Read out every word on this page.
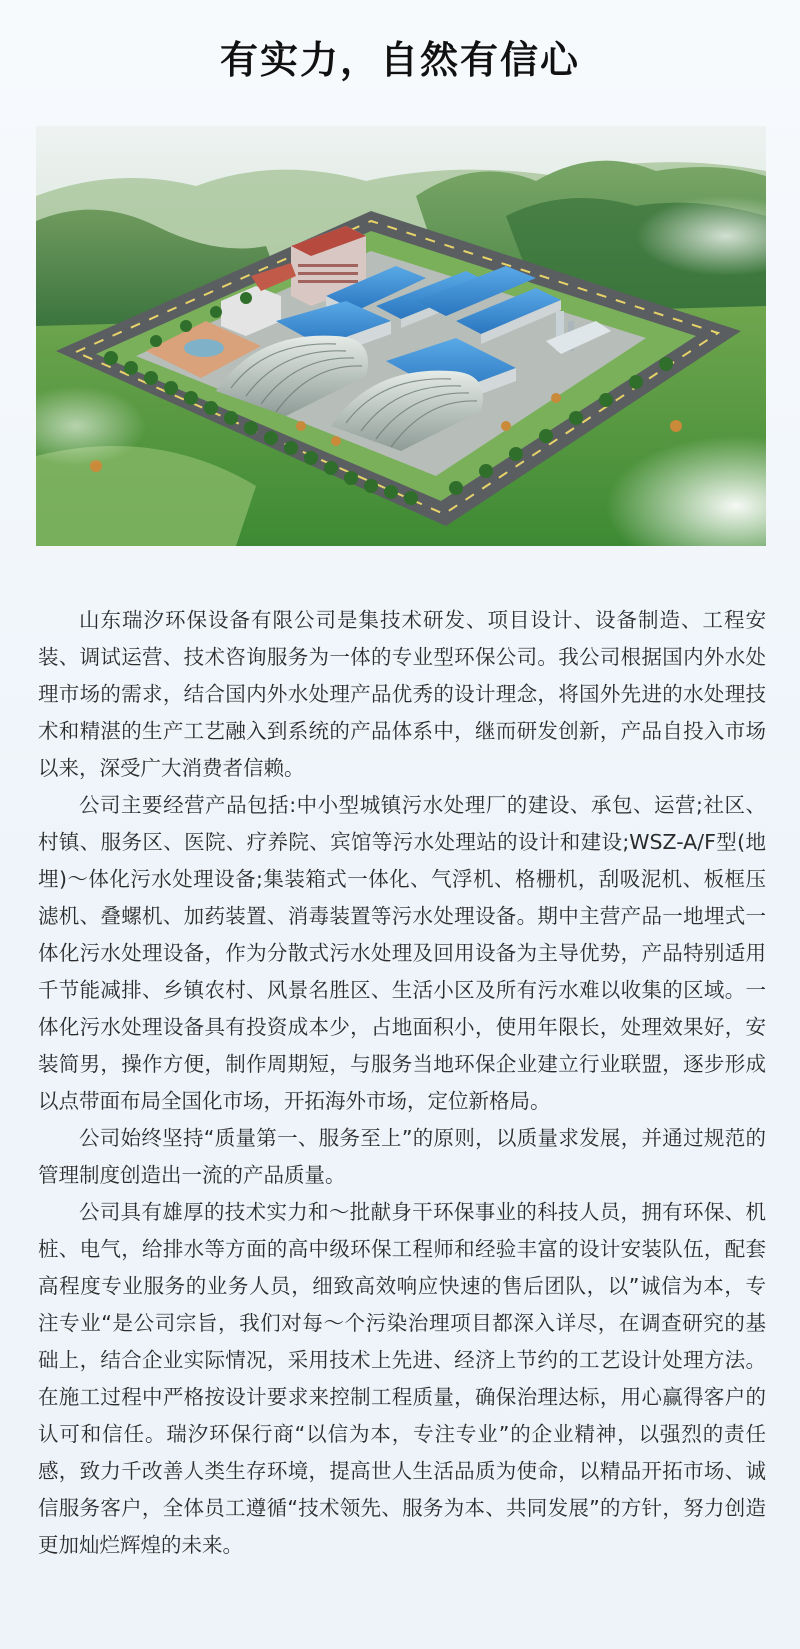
有实力，自然有信心

山东瑞汐环保设备有限公司是集技术研发、项目设计、设备制造、工程安装、调试运营、技术咨询服务为一体的专业型环保公司。我公司根据国内外水处理市场的需求，结合国内外水处理产品优秀的设计理念，将国外先进的水处理技术和精湛的生产工艺融入到系统的产品体系中，继而研发创新，产品自投入市场以来，深受广大消费者信赖。

公司主要经营产品包括:中小型城镇污水处理厂的建设、承包、运营;社区、村镇、服务区、医院、疗养院、宾馆等污水处理站的设计和建设;WSZ-A/F型(地埋)～体化污水处理设备;集装箱式一体化、气浮机、格栅机，刮吸泥机、板框压滤机、叠螺机、加药装置、消毒装置等污水处理设备。期中主营产品一地埋式一体化污水处理设备，作为分散式污水处理及回用设备为主导优势，产品特别适用千节能减排、乡镇农村、风景名胜区、生活小区及所有污水难以收集的区域。一体化污水处理设备具有投资成本少，占地面积小，使用年限长，处理效果好，安装简男，操作方便，制作周期短，与服务当地环保企业建立行业联盟，逐步形成以点带面布局全国化市场，开拓海外市场，定位新格局。

公司始终坚持“质量第一、服务至上”的原则，以质量求发展，并通过规范的管理制度创造出一流的产品质量。

公司具有雄厚的技术实力和～批献身干环保事业的科技人员，拥有环保、机桩、电气，给排水等方面的高中级环保工程师和经验丰富的设计安装队伍，配套高程度专业服务的业务人员，细致高效响应快速的售后团队，以”诚信为本，专注专业“是公司宗旨，我们对每～个污染治理项目都深入详尽，在调查研究的基础上，结合企业实际情况，采用技术上先进、经济上节约的工艺设计处理方法。在施工过程中严格按设计要求来控制工程质量，确保治理达标，用心赢得客户的认可和信任。瑞汐环保行商“以信为本，专注专业”的企业精神，以强烈的责任感，致力千改善人类生存环境，提高世人生活品质为使命，以精品开拓市场、诚信服务客户，全体员工遵循“技术领先、服务为本、共同发展”的方针，努力创造更加灿烂辉煌的未来。
